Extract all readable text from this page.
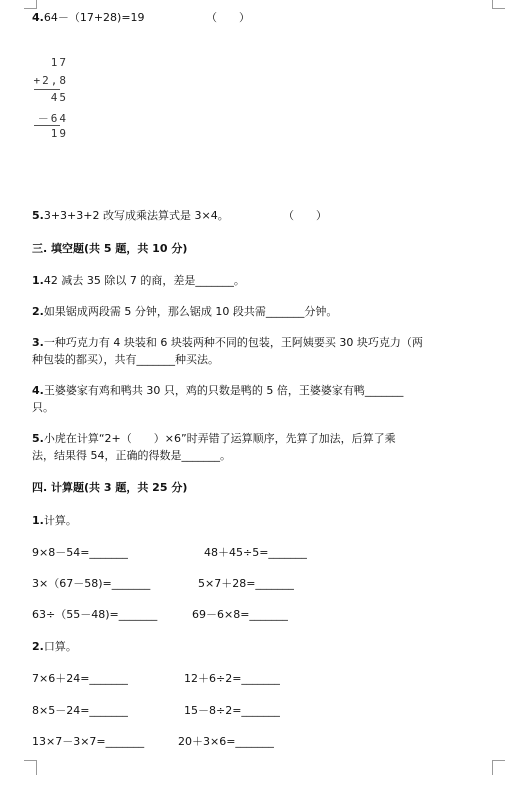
4.64－（17+28)=19	（　　）
17
+2,8
45
－64
19
5.3+3+3+2 改写成乘法算式是 3×4。	（　　）
三. 填空题(共 5 题，共 10 分)
1.42 减去 35 除以 7 的商，差是_______。
2.如果锯成两段需 5 分钟，那么锯成 10 段共需_______分钟。
3.一种巧克力有 4 块装和 6 块装两种不同的包装，王阿姨要买 30 块巧克力（两
种包装的都买），共有_______种买法。
4.王婆婆家有鸡和鸭共 30 只，鸡的只数是鸭的 5 倍，王婆婆家有鸭_______
只。
5.小虎在计算“2+（　　）×6”时弄错了运算顺序，先算了加法，后算了乘
法，结果得 54，正确的得数是_______。
四. 计算题(共 3 题，共 25 分)
1.计算。
9×8－54=_______	48＋45÷5=_______
3×（67－58)=_______	5×7＋28=_______
63÷（55－48)=_______	69－6×8=_______
2.口算。
7×6＋24=_______	12＋6÷2=_______
8×5－24=_______	15－8÷2=_______
13×7－3×7=_______	20＋3×6=_______
